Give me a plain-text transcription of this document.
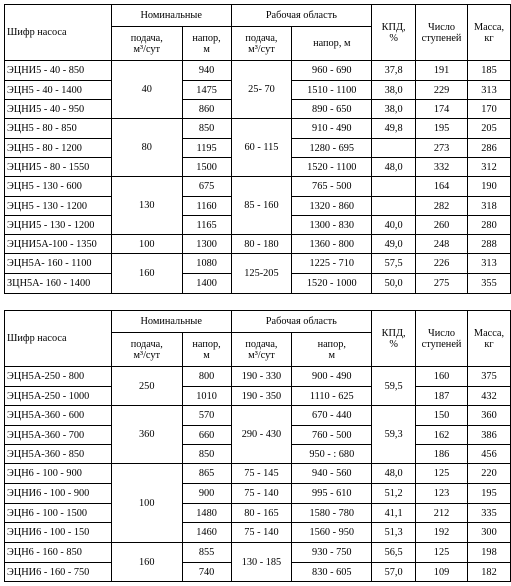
Шифр насоса	Номинальные		Рабочая область		КПД,
%	Число
ступеней	Масса,
кг
	подача,
м³/сут	напор,
м	подача,
м³/сут	напор, м			
ЭЦНИ5 - 40 - 850	40	940	25- 70	960 - 690	37,8	191	185
ЭЦН5 - 40 - 1400		1475		1510 - 1100	38,0	229	313
ЭЦНИ5 - 40 - 950		860		890 - 650	38,0	174	170
ЭЦН5 - 80 - 850	80	850	60 - 115	910 - 490	49,8	195	205
ЭЦН5 - 80 - 1200		1195		1280 - 695		273	286
ЭЦНИ5 - 80 - 1550		1500		1520 - 1100	48,0	332	312
ЭЦН5 - 130 - 600	130	675	85 - 160	765 - 500		164	190
ЭЦН5 - 130 - 1200		1160		1320 - 860		282	318
ЭЦНИ5 - 130 - 1200		1165		1300 - 830	40,0	260	280
ЭЦНИ5А-100 - 1350	100	1300	80 - 180	1360 - 800	49,0	248	288
ЭЦН5А- 160 - 1100	160	1080	125-205	1225 - 710	57,5	226	313
ЗЦН5А- 160 - 1400		1400		1520 - 1000	50,0	275	355
Шифр насоса	Номинальные		Рабочая область		КПД,
%	Число
ступеней	Масса,
кг
	подача,
м³/сут	напор,
м	подача,
м³/сут	напор,
м			
ЭЦН5А-250 - 800	250	800	190 - 330	900 - 490	59,5	160	375
ЭЦН5А-250 - 1000		1010	190 - 350	1110 - 625		187	432
ЭЦН5А-360 - 600	360	570	290 - 430	670 - 440	59,3	150	360
ЭЦН5А-360 - 700		660		760 - 500		162	386
ЭЦН5А-360 - 850		850		950 - : 680		186	456
ЭЦН6 - 100 - 900	100	865	75 - 145	940 - 560	48,0	125	220
ЭЦНИ6 - 100 - 900		900	75 - 140	995 - 610	51,2	123	195
ЭЦН6 - 100 - 1500		1480	80 - 165	1580 - 780	41,1	212	335
ЭЦНИ6 - 100 - 150		1460	75 - 140	1560 - 950	51,3	192	300
ЭЦН6 - 160 - 850	160	855	130 - 185	930 - 750	56,5	125	198
ЭЦНИ6 - 160 - 750		740		830 - 605	57,0	109	182
